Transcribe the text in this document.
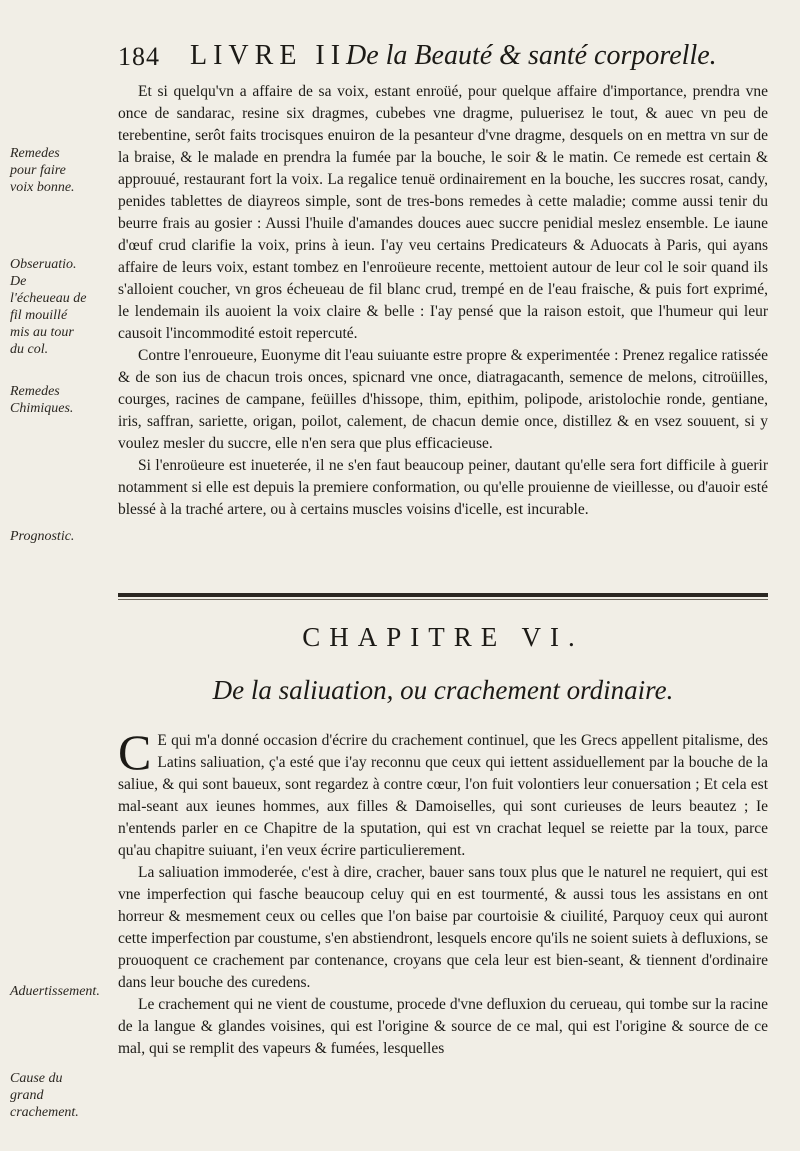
184 LIVRE II.
De la Beauté & santé corporelle.
Remedes pour faire voix bonne.
Obseruatio. De l'écheueau de fil mouillé mis au tour du col.
Remedes Chimiques.
Prognostic.
Aduertissement.
Cause du grand crachement.

Et si quelqu'vn a affaire de sa voix, estant enroüé, pour quelque affaire d'importance, prendra vne once de sandarac, resine six dragmes, cubebes vne dragme, puluerisez le tout, & auec vn peu de terebentine, serôt faits trocisques enuiron de la pesanteur d'vne dragme, desquels on en mettra vn sur de la braise, & le malade en prendra la fumée par la bouche, le soir & le matin. Ce remede est certain & approuué, restaurant fort la voix. La regalice tenuë ordinairement en la bouche, les succres rosat, candy, penides tablettes de diayreos simple, sont de tres-bons remedes à cette maladie; comme aussi tenir du beurre frais au gosier : Aussi l'huile d'amandes douces auec succre penidial meslez ensemble. Le iaune d'œuf crud clarifie la voix, prins à ieun. I'ay veu certains Predicateurs & Aduocats à Paris, qui ayans affaire de leurs voix, estant tombez en l'enroüeure recente, mettoient autour de leur col le soir quand ils s'alloient coucher, vn gros écheueau de fil blanc crud, trempé en de l'eau fraische, & puis fort exprimé, le lendemain ils auoient la voix claire & belle : I'ay pensé que la raison estoit, que l'humeur qui leur causoit l'incommodité estoit repercuté.

Contre l'enroueure, Euonyme dit l'eau suiuante estre propre & experimentée : Prenez regalice ratissée & de son ius de chacun trois onces, spicnard vne once, diatragacanth, semence de melons, citroüilles, courges, racines de campane, feüilles d'hissope, thim, epithim, polipode, aristolochie ronde, gentiane, iris, saffran, sariette, origan, poilot, calement, de chacun demie once, distillez & en vsez souuent, si y voulez mesler du succre, elle n'en sera que plus efficacieuse.

Si l'enroüeure est inueterée, il ne s'en faut beaucoup peiner, dautant qu'elle sera fort difficile à guerir notamment si elle est depuis la premiere conformation, ou qu'elle prouienne de vieillesse, ou d'auoir esté blessé à la traché artere, ou à certains muscles voisins d'icelle, est incurable.

CHAPITRE VI.
De la saliuation, ou crachement ordinaire.

C E qui m'a donné occasion d'écrire du crachement continuel, que les Grecs appellent pitalisme, des Latins saliuation, ç'a esté que i'ay reconnu que ceux qui iettent assiduellement par la bouche de la saliue, & qui sont baueux, sont regardez à contre cœur, l'on fuit volontiers leur conuersation ; Et cela est mal-seant aux ieunes hommes, aux filles & Damoiselles, qui sont curieuses de leurs beautez ; Ie n'entends parler en ce Chapitre de la sputation, qui est vn crachat lequel se reiette par la toux, parce qu'au chapitre suiuant, i'en veux écrire particulierement.

La saliuation immoderée, c'est à dire, cracher, bauer sans toux plus que le naturel ne requiert, qui est vne imperfection qui fasche beaucoup celuy qui en est tourmenté, & aussi tous les assistans en ont horreur & mesmement ceux ou celles que l'on baise par courtoisie & ciuilité, Parquoy ceux qui auront cette imperfection par coustume, s'en abstiendront, lesquels encore qu'ils ne soient suiets à defluxions, se prouoquent ce crachement par contenance, croyans que cela leur est bien-seant, & tiennent d'ordinaire dans leur bouche des curedens.

Le crachement qui ne vient de coustume, procede d'vne defluxion du cerueau, qui tombe sur la racine de la langue & glandes voisines, qui est l'origine & source de ce mal, qui est l'origine & source de ce mal, qui se remplit des vapeurs & fumées, lesquelles
